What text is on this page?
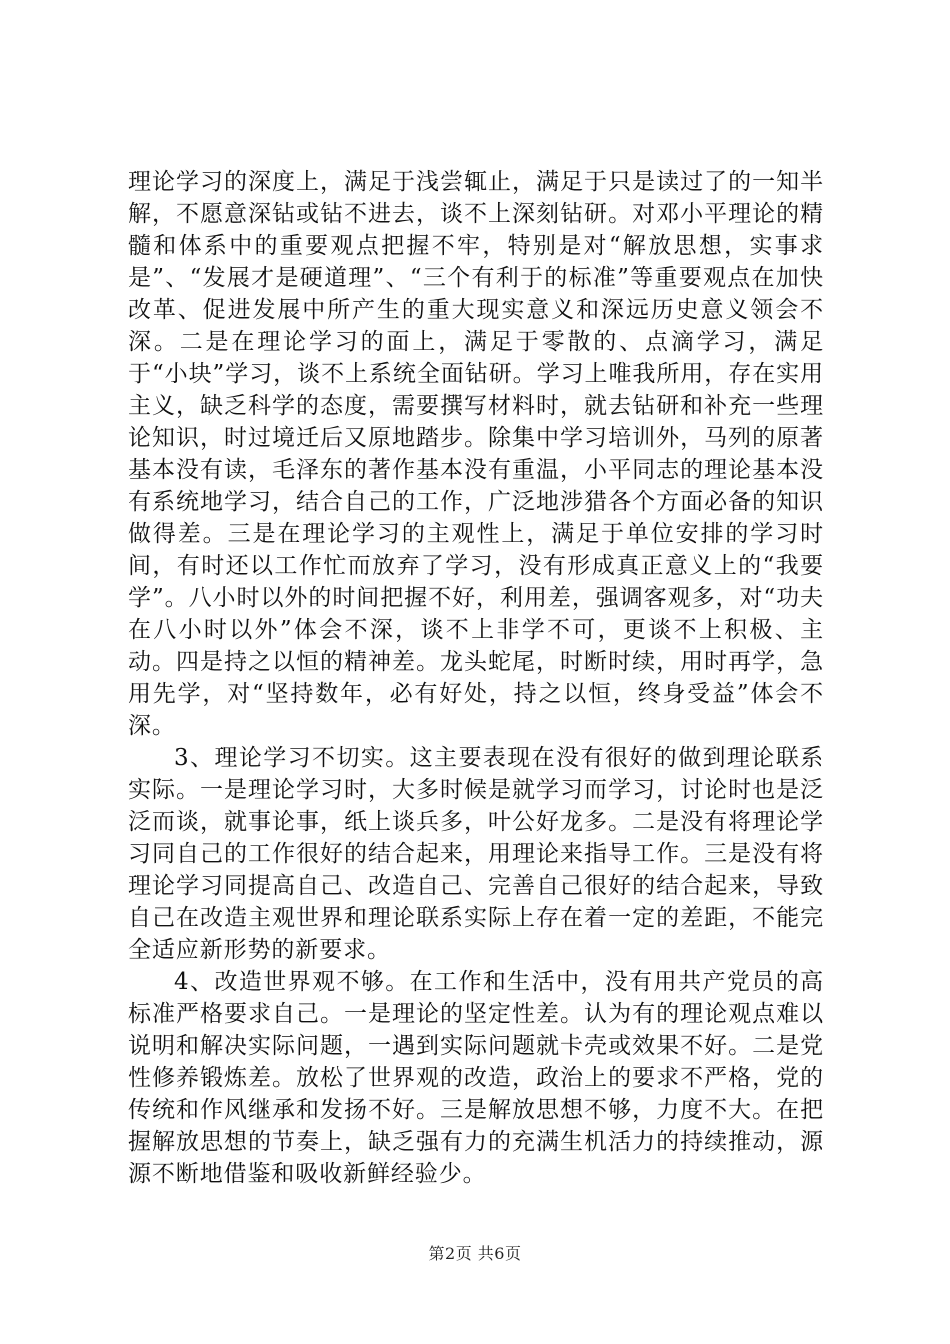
理论学习的深度上，满足于浅尝辄止，满足于只是读过了的一知半解，不愿意深钻或钻不进去，谈不上深刻钻研。对邓小平理论的精髓和体系中的重要观点把握不牢，特别是对“解放思想，实事求是”、“发展才是硬道理”、“三个有利于的标准”等重要观点在加快改革、促进发展中所产生的重大现实意义和深远历史意义领会不深。二是在理论学习的面上，满足于零散的、点滴学习，满足于“小块”学习，谈不上系统全面钻研。学习上唯我所用，存在实用主义，缺乏科学的态度，需要撰写材料时，就去钻研和补充一些理论知识，时过境迁后又原地踏步。除集中学习培训外，马列的原著基本没有读，毛泽东的著作基本没有重温，小平同志的理论基本没有系统地学习，结合自己的工作，广泛地涉猎各个方面必备的知识做得差。三是在理论学习的主观性上，满足于单位安排的学习时间，有时还以工作忙而放弃了学习，没有形成真正意义上的“我要学”。八小时以外的时间把握不好，利用差，强调客观多，对“功夫在八小时以外”体会不深，谈不上非学不可，更谈不上积极、主动。四是持之以恒的精神差。龙头蛇尾，时断时续，用时再学，急用先学，对“坚持数年，必有好处，持之以恒，终身受益”体会不深。

3、理论学习不切实。这主要表现在没有很好的做到理论联系实际。一是理论学习时，大多时候是就学习而学习，讨论时也是泛泛而谈，就事论事，纸上谈兵多，叶公好龙多。二是没有将理论学习同自己的工作很好的结合起来，用理论来指导工作。三是没有将理论学习同提高自己、改造自己、完善自己很好的结合起来，导致自己在改造主观世界和理论联系实际上存在着一定的差距，不能完全适应新形势的新要求。

4、改造世界观不够。在工作和生活中，没有用共产党员的高标准严格要求自己。一是理论的坚定性差。认为有的理论观点难以说明和解决实际问题，一遇到实际问题就卡壳或效果不好。二是党性修养锻炼差。放松了世界观的改造，政治上的要求不严格，党的传统和作风继承和发扬不好。三是解放思想不够，力度不大。在把握解放思想的节奏上，缺乏强有力的充满生机活力的持续推动，源源不断地借鉴和吸收新鲜经验少。

第2页 共6页
